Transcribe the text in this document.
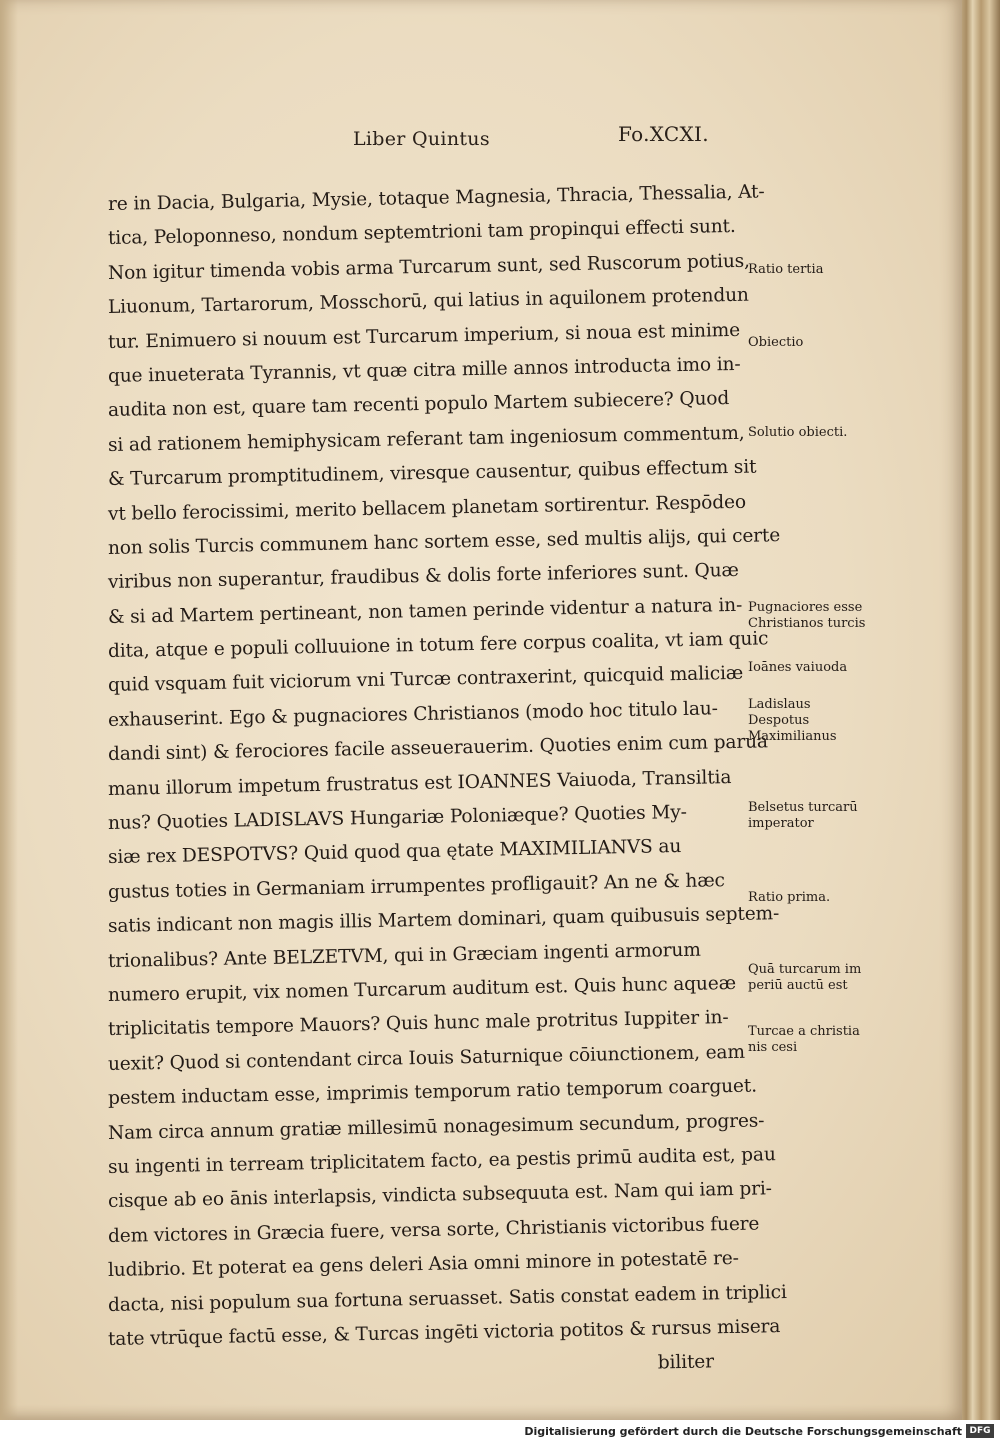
Liber Quintus	Fo.XCXI.
re in Dacia, Bulgaria, Mysie, totaque Magnesia, Thracia, Thessalia, At-
tica, Peloponneso, nondum septemtrioni tam propinqui effecti sunt.
Non igitur timenda vobis arma Turcarum sunt, sed Ruscorum potius,
Liuonum, Tartarorum, Mosschorū, qui latius in aquilonem protendun
tur. Enimuero si nouum est Turcarum imperium, si noua est minime
que inueterata Tyrannis, vt quæ citra mille annos introducta imo in-
audita non est, quare tam recenti populo Martem subiecere? Quod
si ad rationem hemiphysicam referant tam ingeniosum commentum,
& Turcarum promptitudinem, viresque causentur, quibus effectum sit
vt bello ferocissimi, merito bellacem planetam sortirentur. Respōdeo
non solis Turcis communem hanc sortem esse, sed multis alijs, qui certe
viribus non superantur, fraudibus & dolis forte inferiores sunt. Quæ
& si ad Martem pertineant, non tamen perinde videntur a natura in-
dita, atque e populi colluuione in totum fere corpus coalita, vt iam quic
quid vsquam fuit viciorum vni Turcæ contraxerint, quicquid maliciæ
exhauserint. Ego & pugnaciores Christianos (modo hoc titulo lau-
dandi sint) & ferociores facile asseuerauerim. Quoties enim cum parua
manu illorum impetum frustratus est IOANNES Vaiuoda, Transiltia
nus? Quoties LADISLAVS Hungariæ Poloniæque? Quoties My-
siæ rex DESPOTVS? Quid quod qua ętate MAXIMILIANVS au
gustus toties in Germaniam irrumpentes profligauit? An ne & hæc
satis indicant non magis illis Martem dominari, quam quibusuis septem-
trionalibus? Ante BELZETVM, qui in Græciam ingenti armorum
numero erupit, vix nomen Turcarum auditum est. Quis hunc aqueæ
triplicitatis tempore Mauors? Quis hunc male protritus Iuppiter in-
uexit? Quod si contendant circa Iouis Saturnique cōiunctionem, eam
pestem inductam esse, imprimis temporum ratio temporum coarguet.
Nam circa annum gratiæ millesimū nonagesimum secundum, progres-
su ingenti in terream triplicitatem facto, ea pestis primū audita est, pau
cisque ab eo ānis interlapsis, vindicta subsequuta est. Nam qui iam pri-
dem victores in Græcia fuere, versa sorte, Christianis victoribus fuere
ludibrio. Et poterat ea gens deleri Asia omni minore in potestatē re-
dacta, nisi populum sua fortuna seruasset. Satis constat eadem in triplici
tate vtrūque factū esse, & Turcas ingēti victoria potitos & rursus misera
biliter
Ratio tertia
Obiectio
Solutio obiecti.
Pugnaciores esse
Christianos turcis
Ioānes vaiuoda
Ladislaus
Despotus
Maximilianus
Belsetus turcarū
imperator
Ratio prima.
Quā turcarum im
periū auctū est
Turcae a christia
nis cesi
Digitalisierung gefördert durch die Deutsche Forschungsgemeinschaft DFG
